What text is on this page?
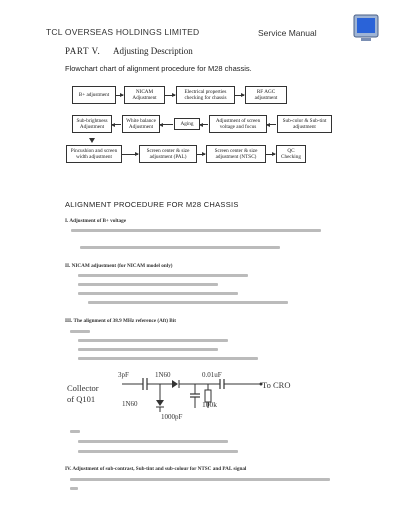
TCL OVERSEAS HOLDINGS LIMITED	Service Manual
PART V. Adjusting Description
Flowchart chart of alignment procedure for M28 chassis.
B+ adjustment	NICAM Adjustment
Electrical properties checking for chassis
RF AGC adjustment
Sub-brightness Adjustment
White balance Adjustment	Aging	Adjustment of screen voltage and focus
Sub-color & Sub-tint adjustment
Pincushion and screen width adjustment
Screen center & size adjustment (PAL)
Screen center & size adjustment (NTSC)
QC Checking
ALIGNMENT PROCEDURE FOR M28 CHASSIS
I. Adjustment of B+ voltage
II. NICAM adjustment (for NICAM model only)
III. The alignment of 38.9 MHz reference (Aft) Bit
3pF	1N60	0.01uF
Collector
of Q101
To CRO
1N60	100k
1000pF
IV. Adjustment of sub-contrast, Sub-tint and sub-colour for NTSC and PAL signal
